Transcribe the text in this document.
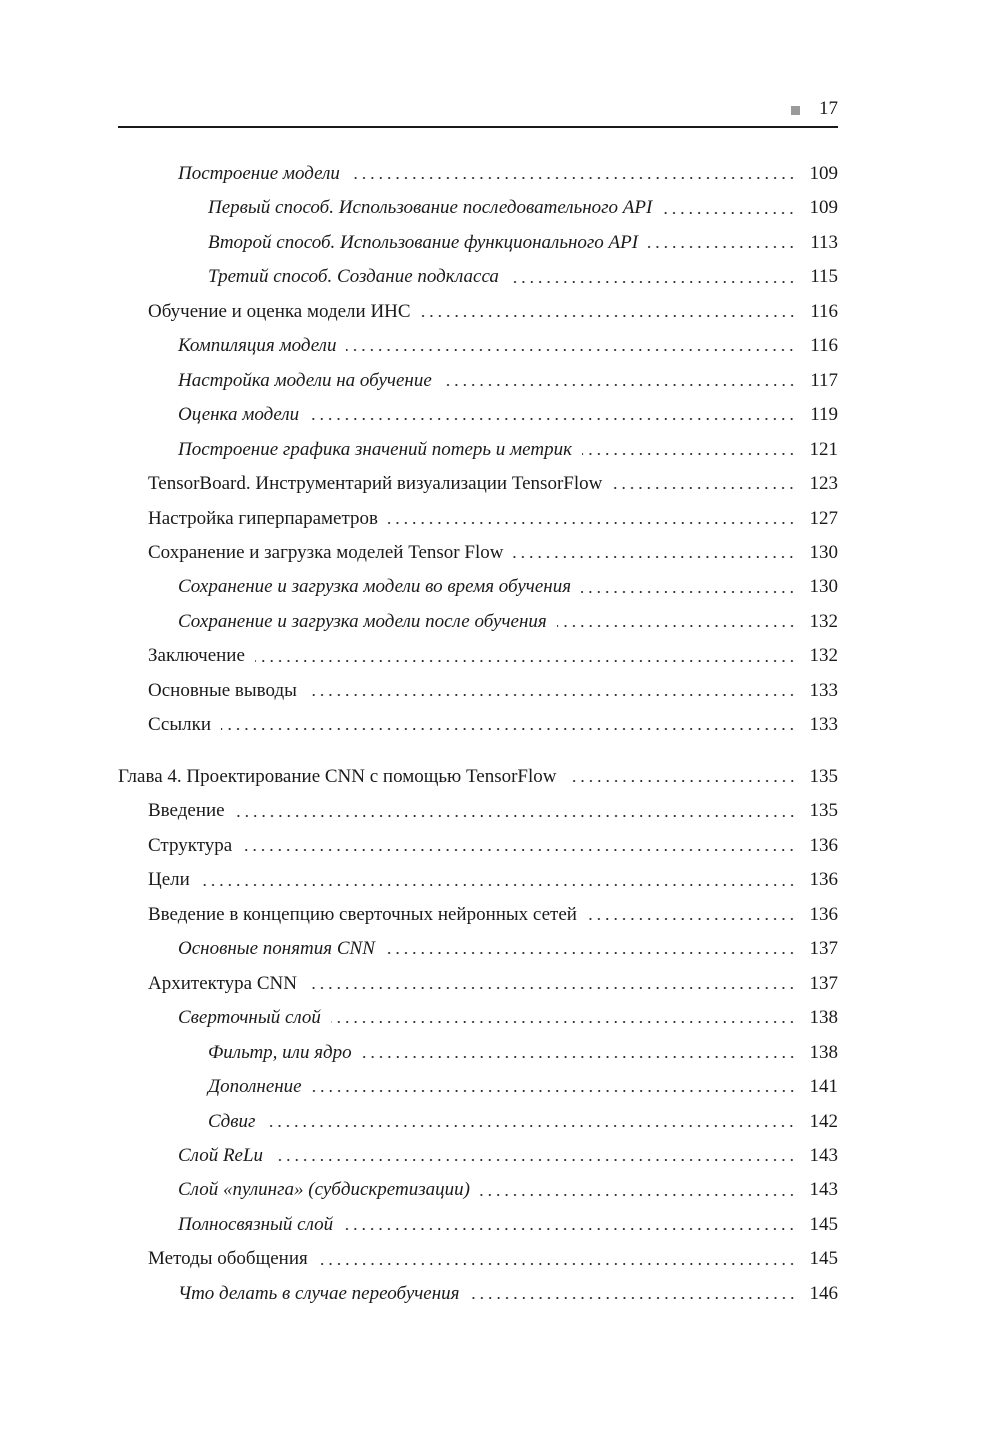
17
Построение модели	109
Первый способ. Использование последовательного API	109
Второй способ. Использование функционального API	113
Третий способ. Создание подкласса	115
Обучение и оценка модели ИНС	116
Компиляция модели	116
Настройка модели на обучение	117
Оценка модели	119
Построение графика значений потерь и метрик	121
TensorBoard. Инструментарий визуализации TensorFlow	123
Настройка гиперпараметров	127
Сохранение и загрузка моделей Tensor Flow	130
Сохранение и загрузка модели во время обучения	130
Сохранение и загрузка модели после обучения	132
Заключение	132
Основные выводы	133
Ссылки	133
Глава 4. Проектирование CNN с помощью TensorFlow	135
Введение	135
Структура	136
Цели	136
Введение в концепцию сверточных нейронных сетей	136
Основные понятия CNN	137
Архитектура CNN	137
Сверточный слой	138
Фильтр, или ядро	138
Дополнение	141
Сдвиг	142
Слой ReLu	143
Слой «пулинга» (субдискретизации)	143
Полносвязный слой	145
Методы обобщения	145
Что делать в случае переобучения	146
